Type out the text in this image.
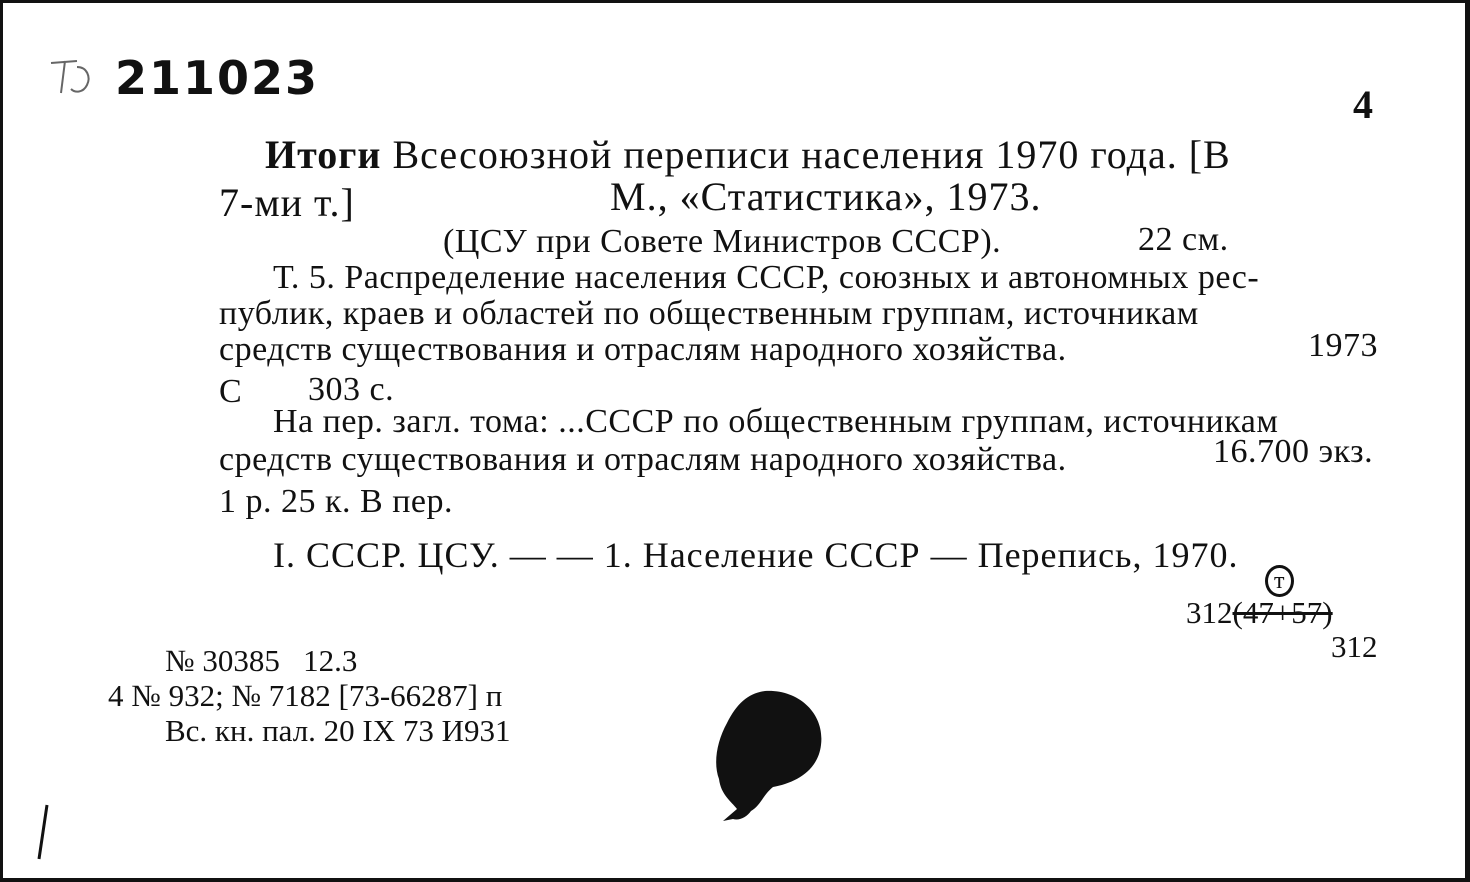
211023	4
Итоги Всесоюзной переписи населения 1970 года. [В
7-ми т.]	М., «Статистика», 1973.
(ЦСУ при Совете Министров СССР).	22 см.
Т. 5. Распределение населения СССР, союзных и автономных рес-
публик, краев и областей по общественным группам, источникам
средств существования и отраслям народного хозяйства.	1973
С 303 с.
На пер. загл. тома: ...СССР по общественным группам, источникам
средств существования и отраслям народного хозяйства.	16.700 экз.
1 р. 25 к. В пер.
I. СССР. ЦСУ. — — 1. Население СССР — Перепись, 1970.
т
312(47+57)
312
№ 30385   12.3
4 № 932; № 7182 [73-66287] п
Вс. кн. пал. 20 IX 73 И931
